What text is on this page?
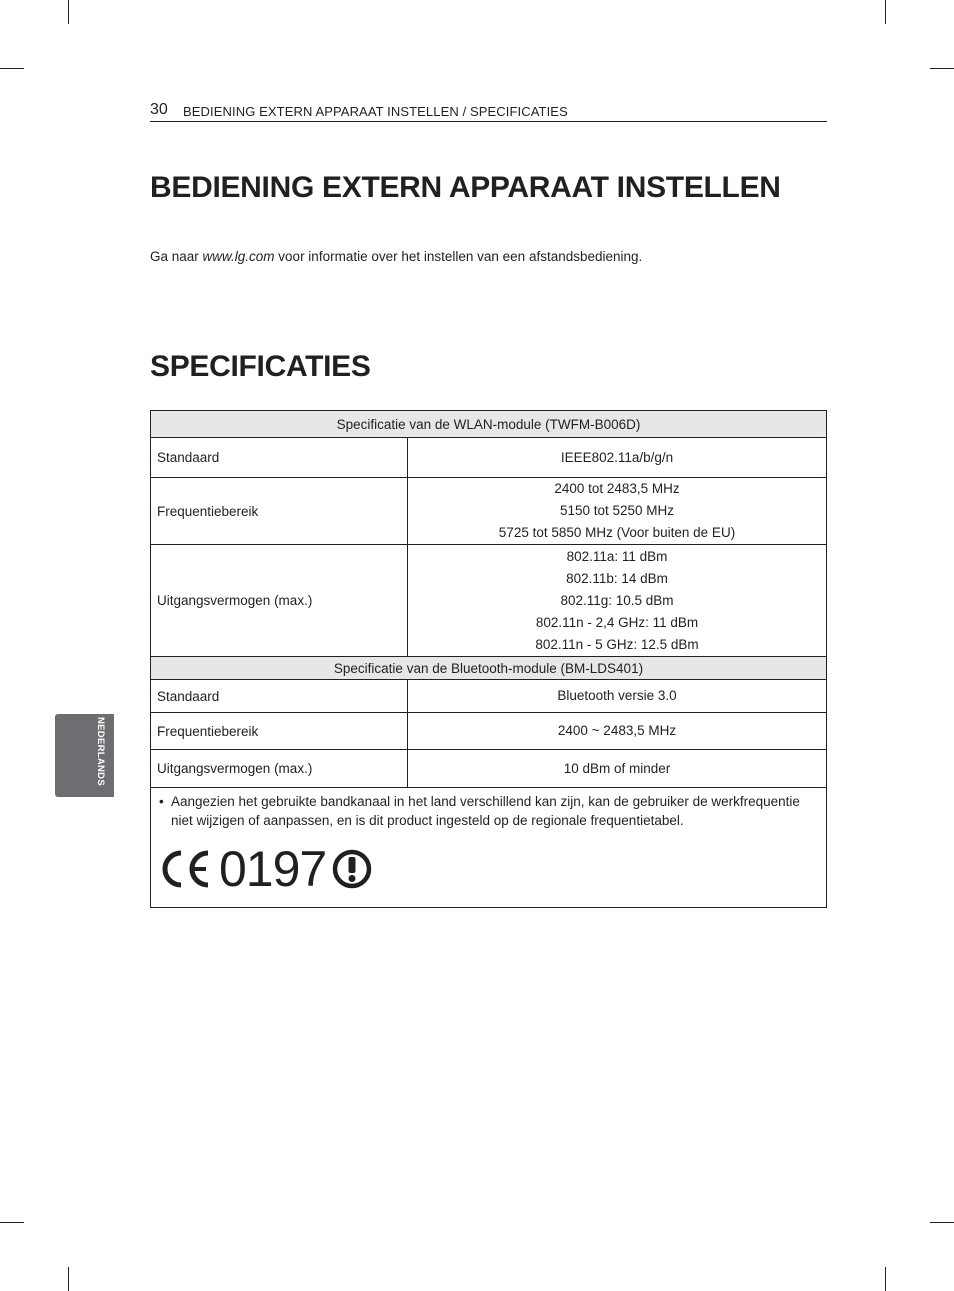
30 BEDIENING EXTERN APPARAAT INSTELLEN / SPECIFICATIES
BEDIENING EXTERN APPARAAT INSTELLEN

Ga naar www.lg.com voor informatie over het instellen van een afstandsbediening.

SPECIFICATIES
NEDERLANDS
Specificatie van de WLAN-module (TWFM-B006D)	
Standaard	IEEE802.11a/b/g/n

Frequentiebereik	2400 tot 2483,5 MHz
5150 tot 5250 MHz
5725 tot 5850 MHz (Voor buiten de EU)

Uitgangsvermogen (max.)	802.11a: 11 dBm
802.11b: 14 dBm
802.11g: 10.5 dBm
802.11n - 2,4 GHz: 11 dBm
802.11n - 5 GHz: 12.5 dBm

Specificatie van de Bluetooth-module (BM-LDS401)	
Standaard	Bluetooth versie 3.0

Frequentiebereik	2400 ~ 2483,5 MHz

Uitgangsvermogen (max.)	10 dBm of minder

• Aangezien het gebruikte bandkanaal in het land verschillend kan zijn, kan de gebruiker de werkfrequentie niet wijzigen of aanpassen, en is dit product ingesteld op de regionale frequentietabel.
0197	
